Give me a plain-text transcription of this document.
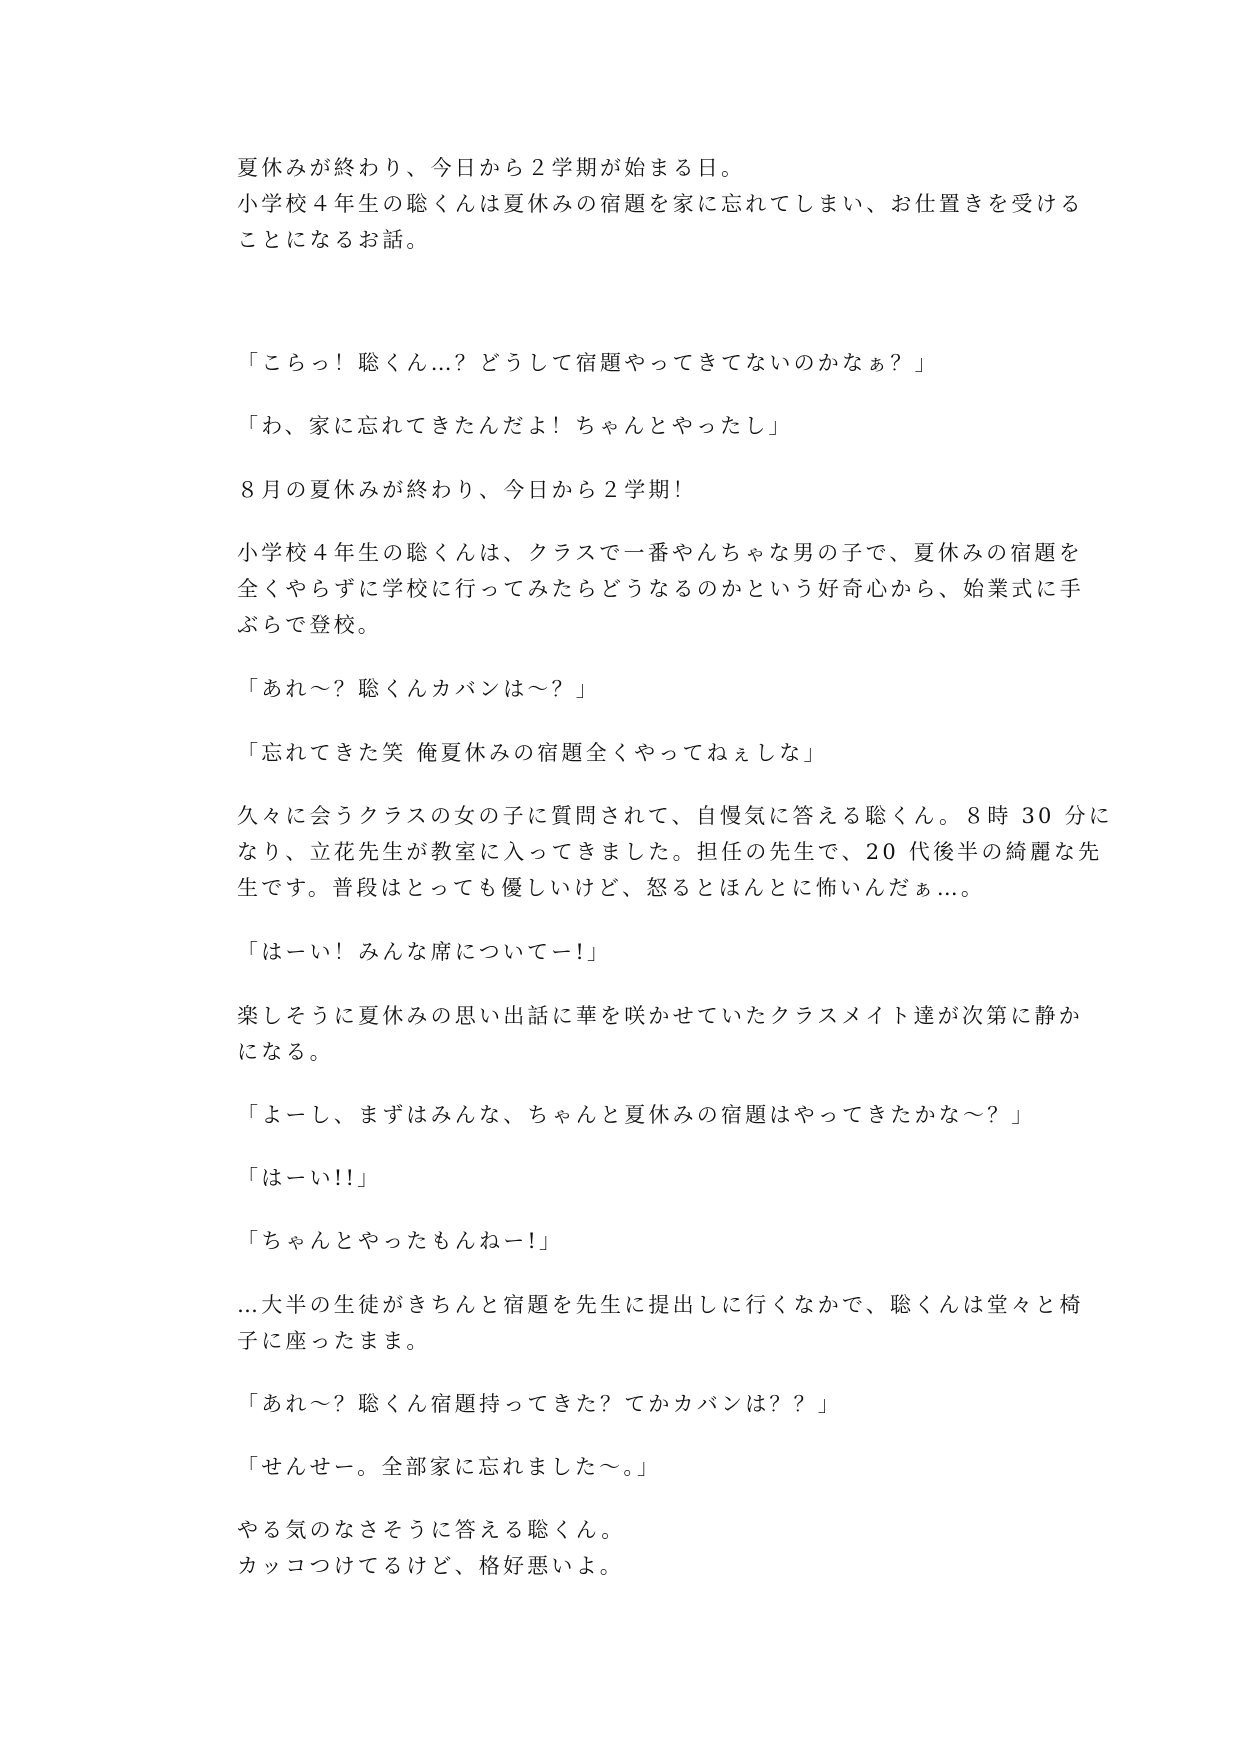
夏休みが終わり、今日から２学期が始まる日。
小学校４年生の聡くんは夏休みの宿題を家に忘れてしまい、お仕置きを受ける
ことになるお話。
「こらっ！聡くん…？どうして宿題やってきてないのかなぁ？」
「わ、家に忘れてきたんだよ！ちゃんとやったし」
８月の夏休みが終わり、今日から２学期！
小学校４年生の聡くんは、クラスで一番やんちゃな男の子で、夏休みの宿題を
全くやらずに学校に行ってみたらどうなるのかという好奇心から、始業式に手
ぶらで登校。
「あれ～？聡くんカバンは～？」
「忘れてきた笑 俺夏休みの宿題全くやってねぇしな」
久々に会うクラスの女の子に質問されて、自慢気に答える聡くん。８時 30 分に
なり、立花先生が教室に入ってきました。担任の先生で、20 代後半の綺麗な先
生です。普段はとっても優しいけど、怒るとほんとに怖いんだぁ…。
「はーい！みんな席についてー!」
楽しそうに夏休みの思い出話に華を咲かせていたクラスメイト達が次第に静か
になる。
「よーし、まずはみんな、ちゃんと夏休みの宿題はやってきたかな～？」
「はーい!!」
「ちゃんとやったもんねー!」
…大半の生徒がきちんと宿題を先生に提出しに行くなかで、聡くんは堂々と椅
子に座ったまま。
「あれ～？聡くん宿題持ってきた？てかカバンは？？」
「せんせー。全部家に忘れました～。」
やる気のなさそうに答える聡くん。
カッコつけてるけど、格好悪いよ。
